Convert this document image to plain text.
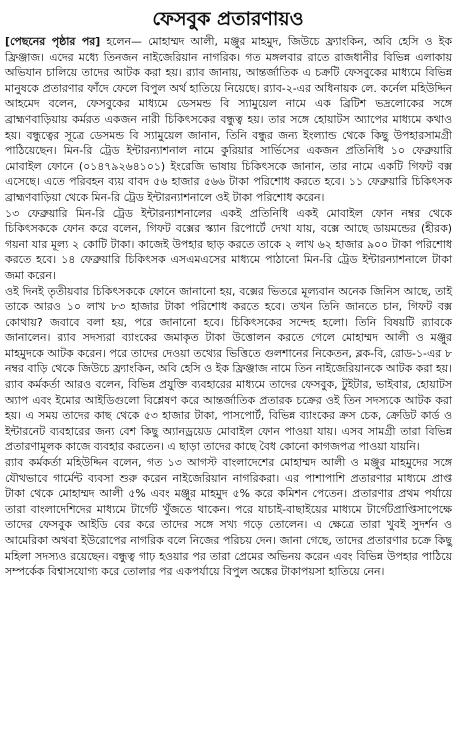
ফেসবুক প্রতারণায়ও

[পেছনের পৃষ্ঠার পর] হলেন— মোহাম্মদ আলী, মঞ্জুর মাহমুদ, জিউচে ফ্র্যাংকিন, অবি হেসি ও ইক ফ্রিঞ্জাজ। এদের মধ্যে তিনজন নাইজেরিয়ান নাগরিক। গত মঙ্গলবার রাতে রাজধানীর বিভিন্ন এলাকায় অভিযান চালিয়ে তাদের আটক করা হয়। র‍্যাব জানায়, আন্তর্জাতিক এ চক্রটি ফেসবুকের মাধ্যমে বিভিন্ন মানুষকে প্রতারণার ফাঁদে ফেলে বিপুল অর্থ হাতিয়ে নিয়েছে। র‍্যাব-২-এর অধিনায়ক লে. কর্নেল মহিউদ্দিন আহমেদ বলেন, ফেসবুকের মাধ্যমে ডেসমন্ড বি স্যামুয়েল নামে এক ব্রিটিশ ভদ্রলোকের সঙ্গে ব্রাহ্মণবাড়িয়ায় কর্মরত একজন নারী চিকিৎসকের বন্ধুত্ব হয়। তার সঙ্গে হোয়াটস অ্যাপের মাধ্যমে কথাও হয়। বন্ধুত্বের সূত্রে ডেসমন্ড বি স্যামুয়েল জানান, তিনি বন্ধুর জন্য ইংল্যান্ড থেকে কিছু উপহারসামগ্রী পাঠিয়েছেন। মিন-রি ট্রেড ইন্টারন্যাশনাল নামে কুরিয়ার সার্ভিসের একজন প্রতিনিধি ১০ ফেব্রুয়ারি মোবাইল ফোনে (০১৪৭৯২৬৪১০১) ইংরেজি ভাষায় চিকিৎসকে জানান, তার নামে একটি গিফট বক্স এসেছে। এতে পরিবহন ব্যয় বাবদ ৫৬ হাজার ৫৬৬ টাকা পরিশোধ করতে হবে। ১১ ফেব্রুয়ারি চিকিৎসক ব্রাহ্মণবাড়িয়া থেকে মিন-রি ট্রেড ইন্টারন্যাশনালে ওই টাকা পরিশোধ করেন।

১৩ ফেব্রুয়ারি মিন-রি ট্রেড ইন্টারন্যাশনালের একই প্রতিনিধি একই মোবাইল ফোন নম্বর থেকে চিকিৎসককে ফোন করে বলেন, গিফট বক্সের স্ক্যান রিপোর্টে দেখা যায়, বক্সে আছে ডায়মন্ডের (হীরক) গয়না যার মূল্য ২ কোটি টাকা। কাজেই উপহার ছাড় করতে তাকে ২ লাখ ৬২ হাজার ৯০০ টাকা পরিশোধ করতে হবে। ১৪ ফেব্রুয়ারি চিকিৎসক এসএমএসের মাধ্যমে পাঠানো মিন-রি ট্রেড ইন্টারন্যাশনালে টাকা জমা করেন।

ওই দিনই তৃতীয়বার চিকিৎসককে ফোনে জানানো হয়, বক্সের ভিতরে মূল্যবান অনেক জিনিস আছে, তাই তাকে আরও ১০ লাখ ৮৩ হাজার টাকা পরিশোধ করতে হবে। তখন তিনি জানতে চান, গিফট বক্স কোথায়? জবাবে বলা হয়, পরে জানানো হবে। চিকিৎসকের সন্দেহ হলো। তিনি বিষয়টি র‍্যাবকে জানালেন। র‍্যাব সদস্যরা ব্যাংকের জমাকৃত টাকা উত্তোলন করতে গেলে মোহাম্মদ আলী ও মঞ্জুর মাহমুদকে আটক করেন। পরে তাদের দেওয়া তথ্যের ভিত্তিতে গুলশানের নিকেতন, ব্লক-বি, রোড-১-এর ৮ নম্বর বাড়ি থেকে জিউচে ফ্র্যাংকিন, অবি হেসি ও ইক ফ্রিঞ্জাজ নামে তিন নাইজেরিয়ানকে আটক করা হয়। র‍্যাব কর্মকর্তা আরও বলেন, বিভিন্ন প্রযুক্তি ব্যবহারের মাধ্যমে তাদের ফেসবুক, টুইটার, ভাইবার, হোয়াটস অ্যাপ এবং ইমোর আইডিগুলো বিশ্লেষণ করে আন্তর্জাতিক প্রতারক চক্রের ওই তিন সদস্যকে আটক করা হয়। এ সময় তাদের কাছ থেকে ৫৩ হাজার টাকা, পাসপোর্ট, বিভিন্ন ব্যাংকের ক্রস চেক, ক্রেডিট কার্ড ও ইন্টারনেট ব্যবহারের জন্য বেশ কিছু অ্যানড্রয়েড মোবাইল ফোন পাওয়া যায়। এসব সামগ্রী তারা বিভিন্ন প্রতারণামূলক কাজে ব্যবহার করতেন। এ ছাড়া তাদের কাছে বৈধ কোনো কাগজপত্র পাওয়া যায়নি।

র‍্যাব কর্মকর্তা মহিউদ্দিন বলেন, গত ১৩ আগস্ট বাংলাদেশের মোহাম্মদ আলী ও মঞ্জুর মাহমুদের সঙ্গে যৌথভাবে গার্মেন্ট ব্যবসা শুরু করেন নাইজেরিয়ান নাগরিকরা। এর পাশাপাশি প্রতারণার মাধ্যমে প্রাপ্ত টাকা থেকে মোহাম্মদ আলী ৫% এবং মঞ্জুর মাহমুদ ৫% করে কমিশন পেতেন। প্রতারণার প্রথম পর্যায়ে তারা বাংলাদেশিদের মাধ্যমে টার্গেট খুঁজতে থাকেন। পরে যাচাই-বাছাইয়ের মাধ্যমে টার্গেটপ্রাপ্তিসাপেক্ষে তাদের ফেসবুক আইডি বের করে তাদের সঙ্গে সখ্য গড়ে তোলেন। এ ক্ষেত্রে তারা খুবই সুদর্শন ও আমেরিকা অথবা ইউরোপের নাগরিক বলে নিজের পরিচয় দেন। জানা গেছে, তাদের প্রতারণার চক্রে কিছু মহিলা সদস্যও রয়েছেন। বন্ধুত্ব গাঢ় হওয়ার পর তারা প্রেমের অভিনয় করেন এবং বিভিন্ন উপহার পাঠিয়ে সম্পর্কেক বিশ্বাসযোগ্য করে তোলার পর একপর্যায়ে বিপুল অঙ্কের টাকাপয়সা হাতিয়ে নেন।
